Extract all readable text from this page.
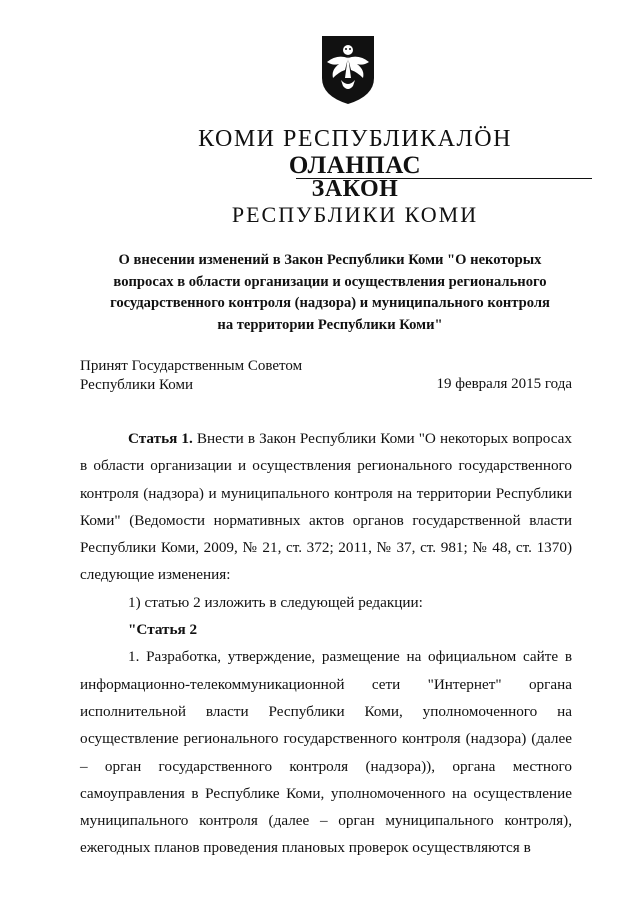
КОМИ РЕСПУБЛИКАЛÖН
ОЛАНПАС
ЗАКОН
РЕСПУБЛИКИ КОМИ
О внесении изменений в Закон Республики Коми "О некоторых
вопросах в области организации и осуществления регионального
государственного контроля (надзора) и муниципального контроля
на территории Республики Коми"
Принят Государственным Советом
Республики Коми	19 февраля 2015 года

Статья 1. Внести в Закон Республики Коми "О некоторых вопросах в области организации и осуществления регионального государственного контроля (надзора) и муниципального контроля на территории Республики Коми" (Ведомости нормативных актов органов государственной власти Республики Коми, 2009, № 21, ст. 372; 2011, № 37, ст. 981; № 48, ст. 1370) следующие изменения:

1) статью 2 изложить в следующей редакции:

"Статья 2

1. Разработка, утверждение, размещение на официальном сайте в информационно-телекоммуникационной сети "Интернет" органа исполнительной власти Республики Коми, уполномоченного на осуществление регионального государственного контроля (надзора) (далее – орган государственного контроля (надзора)), органа местного самоуправления в Республике Коми, уполномоченного на осуществление муниципального контроля (далее – орган муниципального контроля), ежегодных планов проведения плановых проверок осуществляются в
